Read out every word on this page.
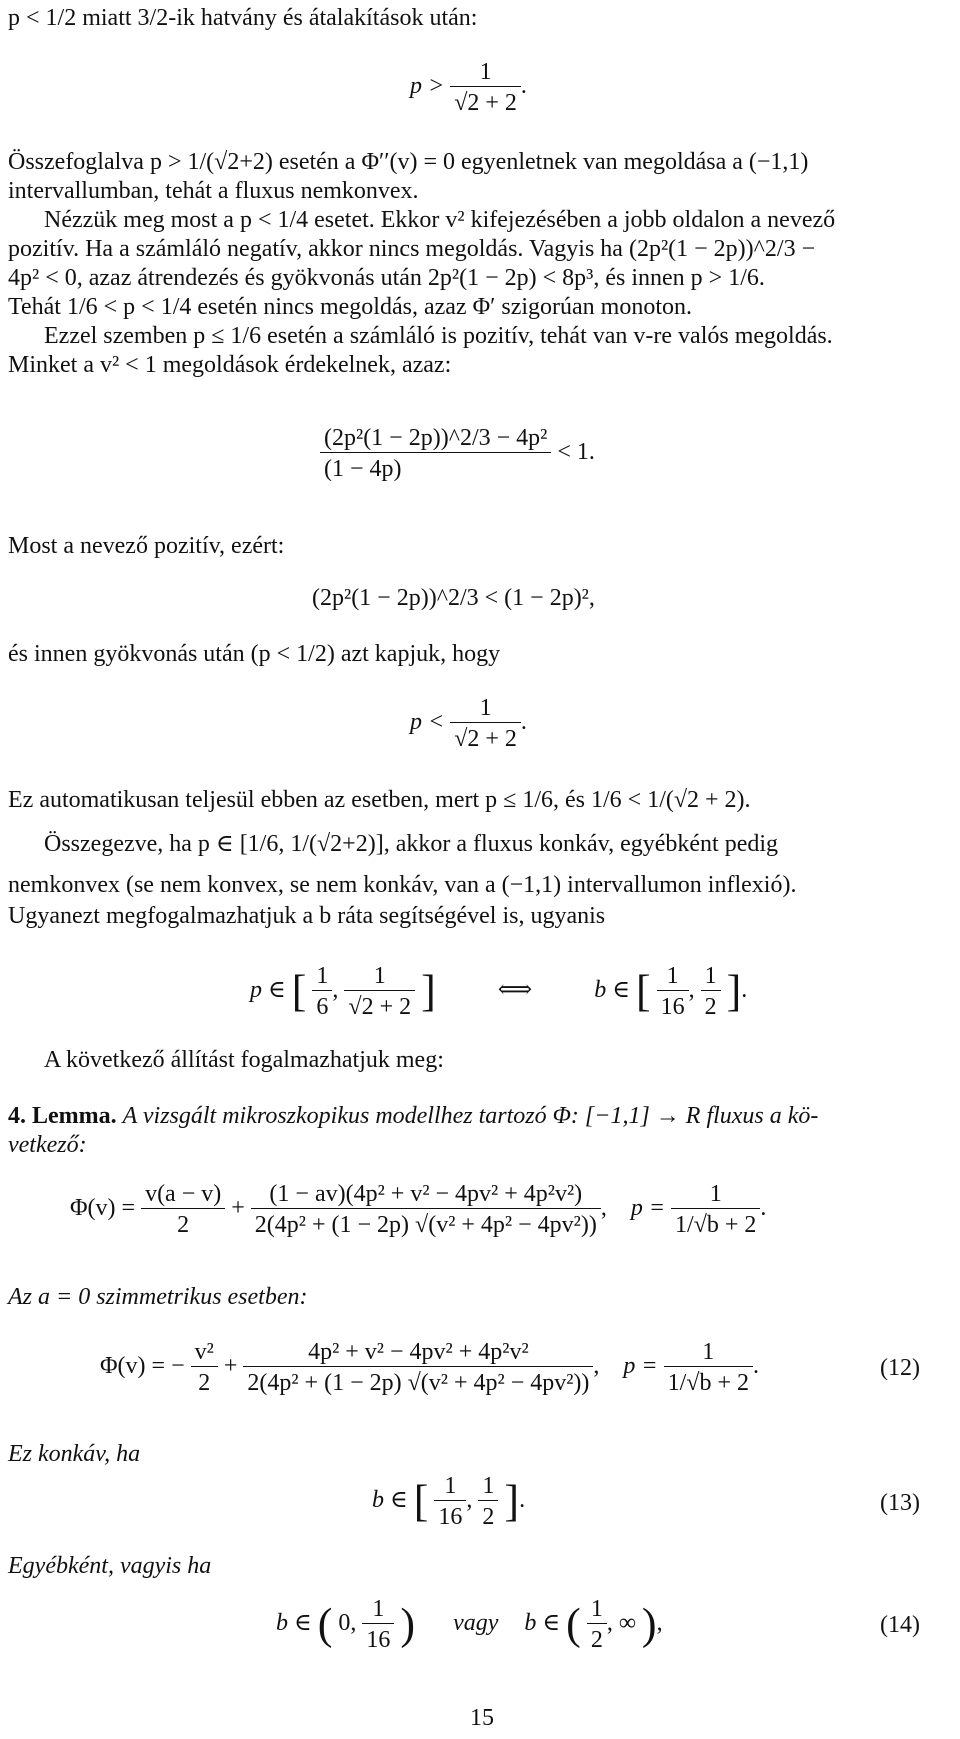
p < 1/2 miatt 3/2-ik hatvány és átalakítások után:
$p > \frac{1}{√2 + 2}$ .
Összefoglalva p > 1/(√2+2) esetén a Φ′′(v) = 0 egyenletnek van megoldása a (−1,1)
intervallumban, tehát a fluxus nemkonvex.
Nézzük meg most a p < 1/4 esetet. Ekkor v² kifejezésében a jobb oldalon a nevező
pozitív. Ha a számláló negatív, akkor nincs megoldás. Vagyis ha (2p²(1 − 2p))^2/3 −
4p² < 0, azaz átrendezés és gyökvonás után 2p²(1 − 2p) < 8p³, és innen p > 1/6.
Tehát 1/6 < p < 1/4 esetén nincs megoldás, azaz Φ′ szigorúan monoton.
Ezzel szemben p ≤ 1/6 esetén a számláló is pozitív, tehát van v-re valós megoldás.
Minket a v² < 1 megoldások érdekelnek, azaz:
$\frac{\text{(2p²(1 − 2p))\textasciicircum{}2/3 − 4p²}}{(1 - 4p)} < 1$.
Most a nevező pozitív, ezért:
(2p²(1 − 2p))^2/3 < (1 − 2p)²,
és innen gyökvonás után (p < 1/2) azt kapjuk, hogy
$p < \frac{1}{√2 + 2}$ .
Ez automatikusan teljesül ebben az esetben, mert p ≤ 1/6, és 1/6 < 1/(√2 + 2).
Összegezve, ha p ∈ [1/6, 1/(√2+2)], akkor a fluxus konkáv, egyébként pedig
nemkonvex (se nem konvex, se nem konkáv, van a (−1,1) intervallumon inflexió).
Ugyanezt megfogalmazhatjuk a b ráta segítségével is, ugyanis
p ∈ [ $\frac{1}{6}$ , $\frac{1}{√2 + 2}$ ]	⟺	b ∈ [ $\frac{1}{16}$ , $\frac{1}{2}$ ].
A következő állítást fogalmazhatjuk meg:
4. Lemma. A vizsgált mikroszkopikus modellhez tartozó Φ: [−1,1] → R fluxus a kö-
vetkező:
$\Phi(v) = \frac{v(a - v)}{2} + \frac{\text{(1 − av)(4p² + v² − 4pv² + 4p²v²)}}{\text{2(4p² + (1 − 2p) √(v² + 4p² − 4pv²))}}$ ,    $p = \frac{1}{1/√b + 2}$ .
Az a = 0 szimmetrikus esetben:
Φ(v) = − $\frac{\text{v²}}{2} + \frac{\text{4p² + v² − 4pv² + 4p²v²}}{\text{2(4p² + (1 − 2p) √(v² + 4p² − 4pv²))}}$ ,    $p = \frac{1}{1/√b + 2}$ .	(12)
Ez konkáv, ha
b ∈ [ $\frac{1}{16}$ , $\frac{1}{2}$ ].	(13)
Egyébként, vagyis ha
b ∈ ( 0, $\frac{1}{16}$ ) vagy b ∈ ( $\frac{1}{2}$ , ∞ ),	(14)
15
